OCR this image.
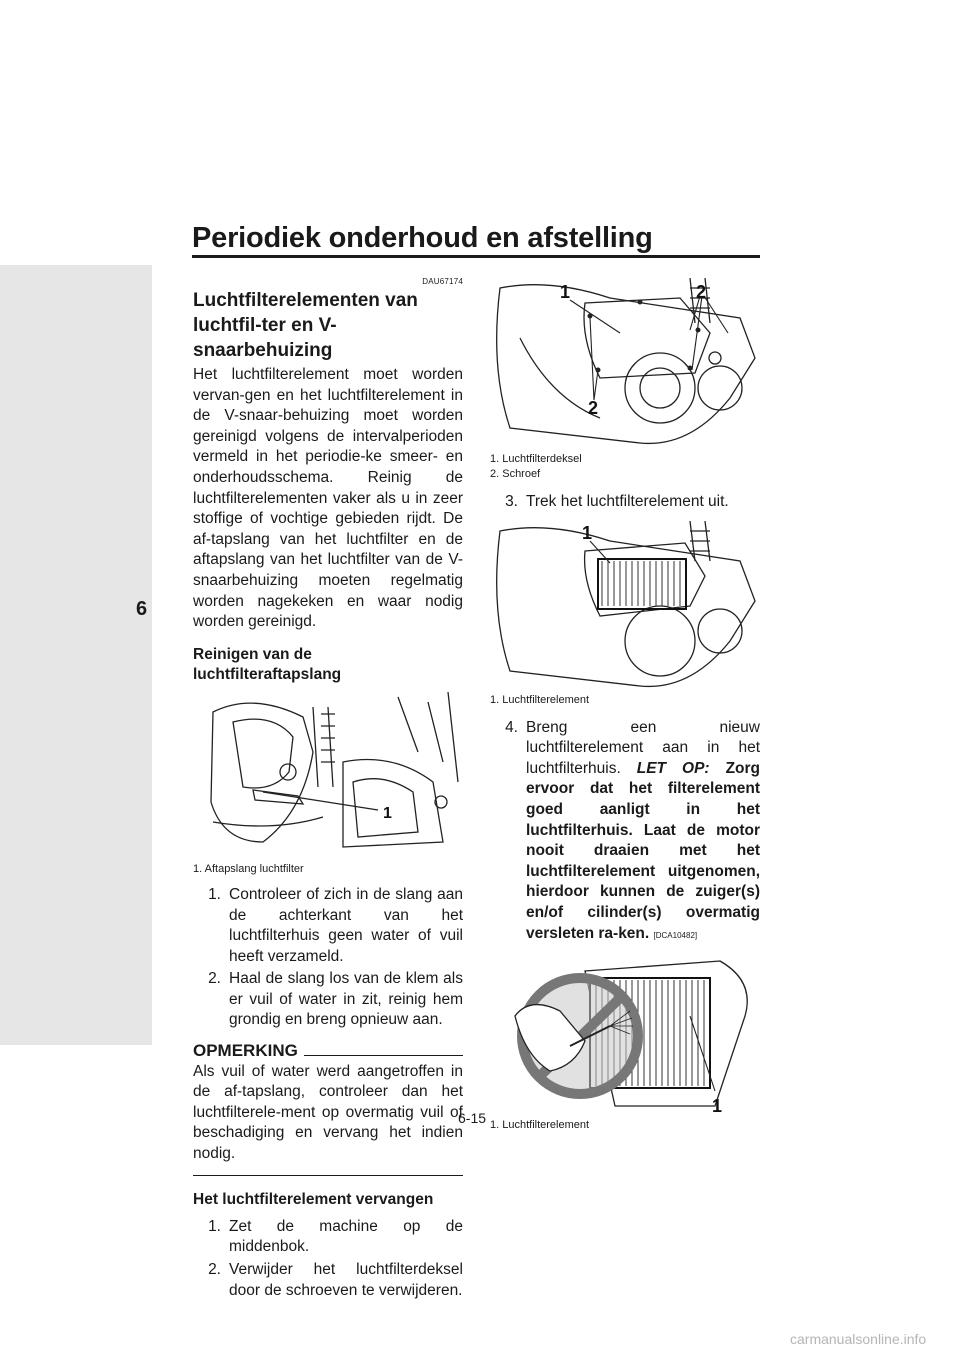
Periodiek onderhoud en afstelling
6
DAU67174
Luchtfilterelementen van luchtfil-ter en V-snaarbehuizing

Het luchtfilterelement moet worden vervan-gen en het luchtfilterelement in de V-snaar-behuizing moet worden gereinigd volgens de intervalperioden vermeld in het periodie-ke smeer- en onderhoudsschema. Reinig de luchtfilterelementen vaker als u in zeer stoffige of vochtige gebieden rijdt. De af-tapslang van het luchtfilter en de aftapslang van het luchtfilter van de V-snaarbehuizing moeten regelmatig worden nagekeken en waar nodig worden gereinigd.

Reinigen van de luchtfilteraftapslang
1
1. Aftapslang luchtfilter
1. Controleer of zich in de slang aan de achterkant van het luchtfilterhuis geen water of vuil heeft verzameld.
2. Haal de slang los van de klem als er vuil of water in zit, reinig hem grondig en breng opnieuw aan.
OPMERKING

Als vuil of water werd aangetroffen in de af-tapslang, controleer dan het luchtfilterele-ment op overmatig vuil of beschadiging en vervang het indien nodig.

Het luchtfilterelement vervangen
1. Zet de machine op de middenbok.
2. Verwijder het luchtfilterdeksel door de schroeven te verwijderen.
1	2
2
1. Luchtfilterdeksel
2. Schroef
3. Trek het luchtfilterelement uit.
1
1. Luchtfilterelement
4. Breng een nieuw luchtfilterelement aan in het luchtfilterhuis. LET OP: Zorg ervoor dat het filterelement goed aanligt in het luchtfilterhuis. Laat de motor nooit draaien met het luchtfilterelement uitgenomen, hierdoor kunnen de zuiger(s) en/of cilinder(s) overmatig versleten ra-ken. [DCA10482]
1
1. Luchtfilterelement
6-15
carmanualsonline.info
